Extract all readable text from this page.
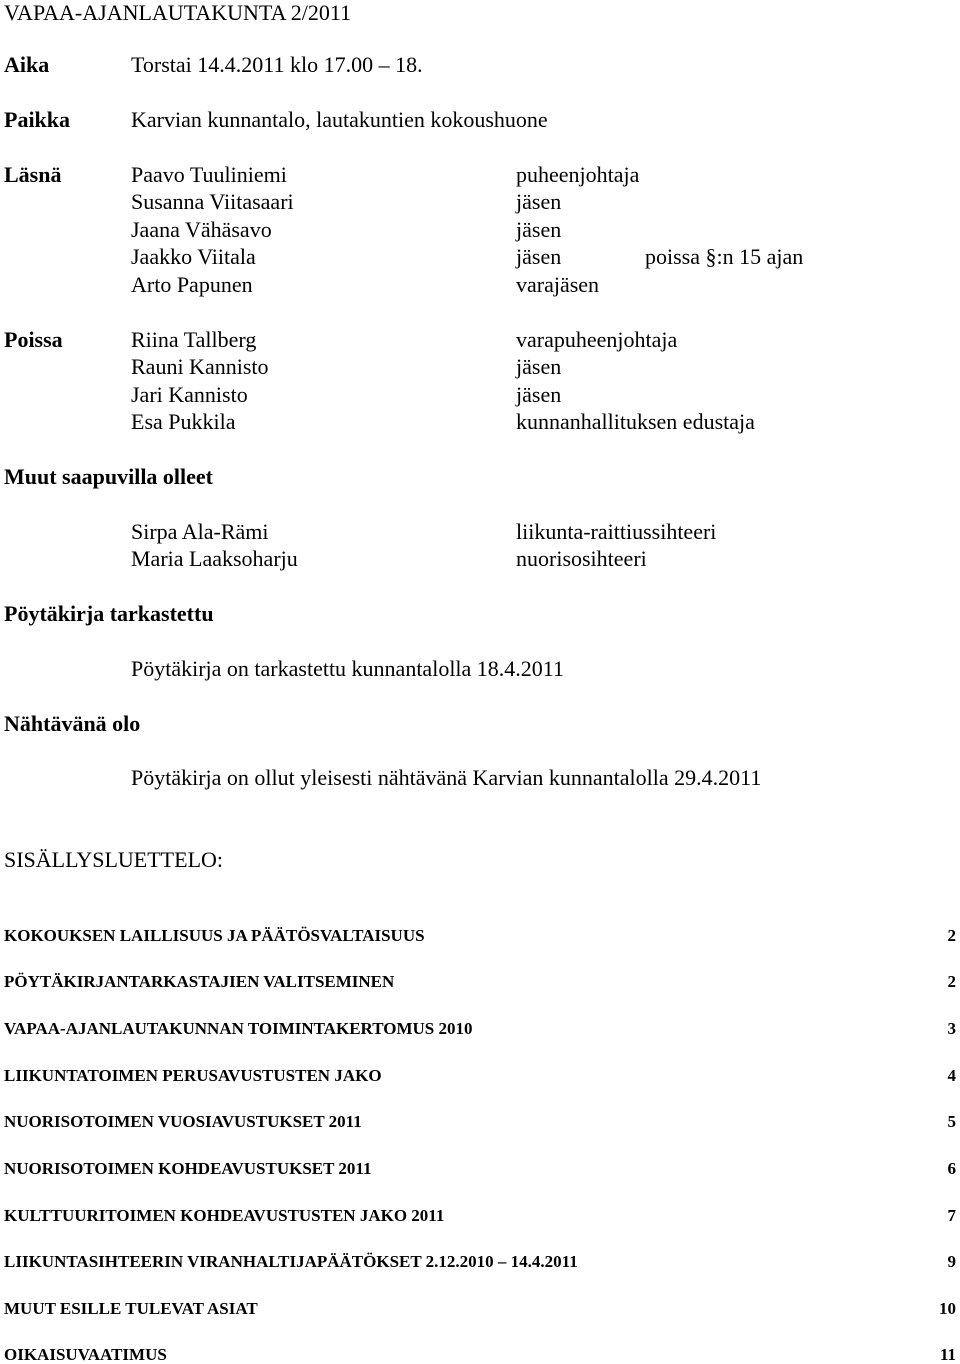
VAPAA-AJANLAUTAKUNTA 2/2011
Aika	Torstai 14.4.2011 klo 17.00 – 18.
Paikka	Karvian kunnantalo, lautakuntien kokoushuone
Läsnä	Paavo Tuuliniemi	puheenjohtaja
Susanna Viitasaari	jäsen
Jaana Vähäsavo	jäsen
Jaakko Viitala	jäsen	poissa §:n 15 ajan
Arto Papunen	varajäsen
Poissa	Riina Tallberg	varapuheenjohtaja
Rauni Kannisto	jäsen
Jari Kannisto	jäsen
Esa Pukkila	kunnanhallituksen edustaja
Muut saapuvilla olleet
Sirpa Ala-Rämi	liikunta-raittiussihteeri
Maria Laaksoharju	nuorisosihteeri
Pöytäkirja tarkastettu
Pöytäkirja on tarkastettu kunnantalolla 18.4.2011
Nähtävänä olo
Pöytäkirja on ollut yleisesti nähtävänä Karvian kunnantalolla 29.4.2011
SISÄLLYSLUETTELO:
KOKOUKSEN LAILLISUUS JA PÄÄTÖSVALTAISUUS	2
PÖYTÄKIRJANTARKASTAJIEN VALITSEMINEN	2
VAPAA-AJANLAUTAKUNNAN TOIMINTAKERTOMUS 2010	3
LIIKUNTATOIMEN PERUSAVUSTUSTEN JAKO	4
NUORISOTOIMEN VUOSIAVUSTUKSET 2011	5
NUORISOTOIMEN KOHDEAVUSTUKSET 2011	6
KULTTUURITOIMEN KOHDEAVUSTUSTEN JAKO 2011	7
LIIKUNTASIHTEERIN VIRANHALTIJAPÄÄTÖKSET 2.12.2010 – 14.4.2011	9
MUUT ESILLE TULEVAT ASIAT	10
OIKAISUVAATIMUS	11
